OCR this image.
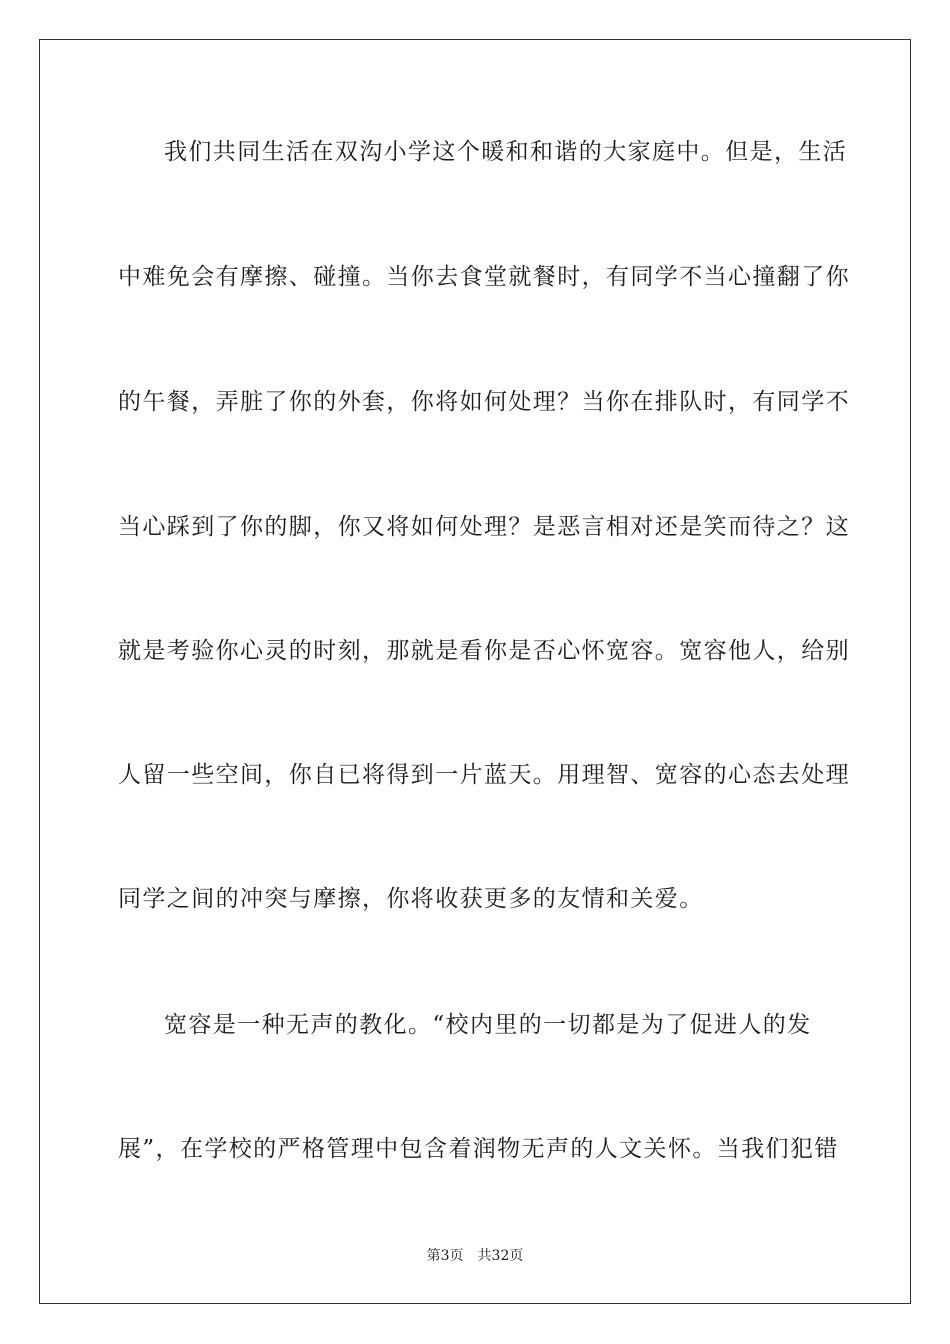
我们共同生活在双沟小学这个暖和和谐的大家庭中。但是，生活
中难免会有摩擦、碰撞。当你去食堂就餐时，有同学不当心撞翻了你
的午餐，弄脏了你的外套，你将如何处理？当你在排队时，有同学不
当心踩到了你的脚，你又将如何处理？是恶言相对还是笑而待之？这
就是考验你心灵的时刻，那就是看你是否心怀宽容。宽容他人，给别
人留一些空间，你自已将得到一片蓝天。用理智、宽容的心态去处理
同学之间的冲突与摩擦，你将收获更多的友情和关爱。
宽容是一种无声的教化。“校内里的一切都是为了促进人的发
展”，在学校的严格管理中包含着润物无声的人文关怀。当我们犯错
第3页 共32页
